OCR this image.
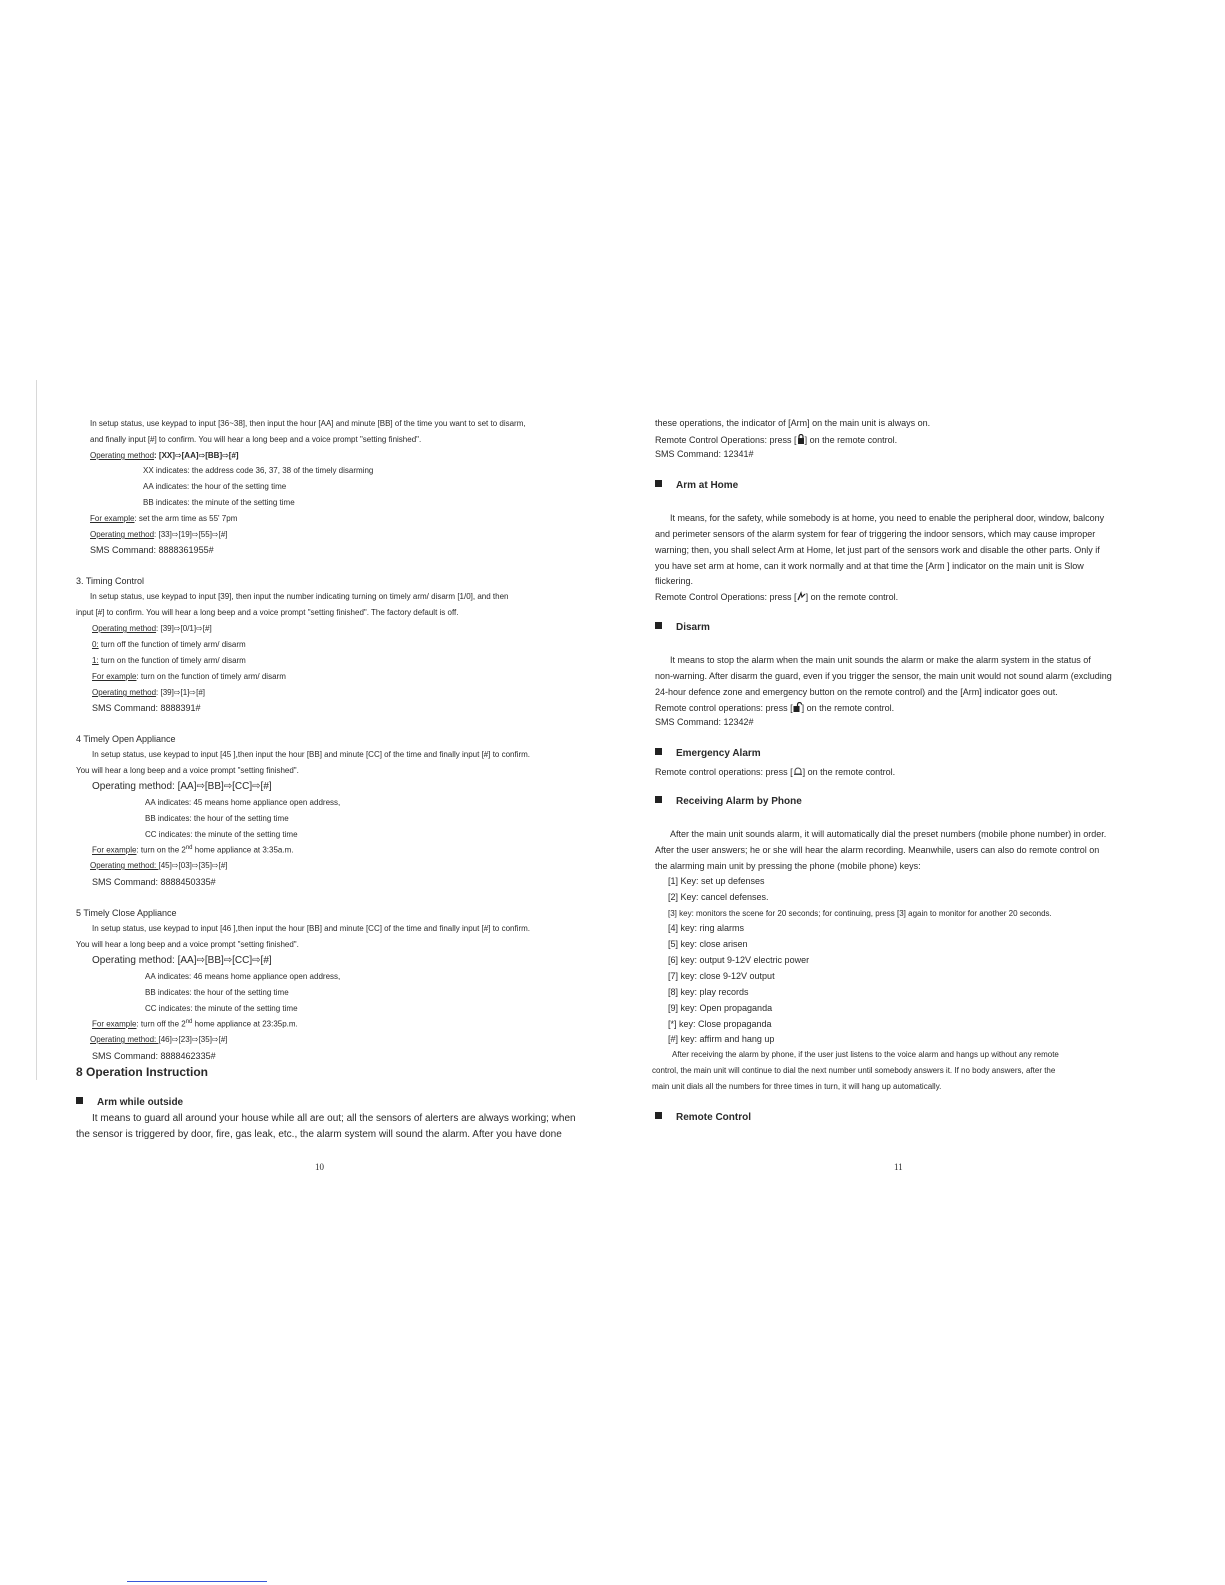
In setup status, use keypad to input [36~38], then input the hour [AA] and minute [BB] of the time you want to set to disarm,
and finally input [#] to confirm. You will hear a long beep and a voice prompt "setting finished".
Operating method: [XX]⇨[AA]⇨[BB]⇨[#]
XX indicates: the address code 36, 37, 38 of the timely disarming
AA indicates: the hour of the setting time
BB indicates: the minute of the setting time
For example: set the arm time as 55' 7pm
Operating method: [33]⇨[19]⇨[55]⇨[#]
SMS Command: 8888361955#
3. Timing Control
In setup status, use keypad to input [39], then input the number indicating turning on timely arm/ disarm [1/0], and then
input [#] to confirm. You will hear a long beep and a voice prompt "setting finished". The factory default is off.
Operating method: [39]⇨[0/1]⇨[#]
0: turn off the function of timely arm/ disarm
1: turn on the function of timely arm/ disarm
For example: turn on the function of timely arm/ disarm
Operating method: [39]⇨[1]⇨[#]
SMS Command: 8888391#
4 Timely Open Appliance
In setup status, use keypad to input [45 ],then input the hour [BB] and minute [CC] of the time and finally input [#] to confirm.
You will hear a long beep and a voice prompt "setting finished".
Operating method: [AA]⇨[BB]⇨[CC]⇨[#]
AA indicates: 45 means home appliance open address,
BB indicates: the hour of the setting time
CC indicates: the minute of the setting time
For example: turn on the 2nd home appliance at 3:35a.m.
Operating method: [45]⇨[03]⇨[35]⇨[#]
SMS Command: 8888450335#
5 Timely Close Appliance
In setup status, use keypad to input [46 ],then input the hour [BB] and minute [CC] of the time and finally input [#] to confirm.
You will hear a long beep and a voice prompt "setting finished".
Operating method: [AA]⇨[BB]⇨[CC]⇨[#]
AA indicates: 46 means home appliance open address,
BB indicates: the hour of the setting time
CC indicates: the minute of the setting time
For example: turn off the 2nd home appliance at 23:35p.m.
Operating method: [46]⇨[23]⇨[35]⇨[#]
SMS Command: 8888462335#
8 Operation Instruction
Arm while outside
It means to guard all around your house while all are out; all the sensors of alerters are always working; when
the sensor is triggered by door, fire, gas leak, etc., the alarm system will sound the alarm. After you have done
10
these operations, the indicator of [Arm] on the main unit is always on.
Remote Control Operations: press [ ] on the remote control.
SMS Command: 12341#
Arm at Home
It means, for the safety, while somebody is at home, you need to enable the peripheral door, window, balcony
and perimeter sensors of the alarm system for fear of triggering the indoor sensors, which may cause improper
warning; then, you shall select Arm at Home, let just part of the sensors work and disable the other parts. Only if
you have set arm at home, can it work normally and at that time the [Arm ] indicator on the main unit is Slow
flickering.
Remote Control Operations: press [ ] on the remote control.
Disarm
It means to stop the alarm when the main unit sounds the alarm or make the alarm system in the status of
non-warning. After disarm the guard, even if you trigger the sensor, the main unit would not sound alarm (excluding
24-hour defence zone and emergency button on the remote control) and the [Arm] indicator goes out.
Remote control operations: press [ ] on the remote control.
SMS Command: 12342#
Emergency Alarm
Remote control operations: press [ ] on the remote control.
Receiving Alarm by Phone
After the main unit sounds alarm, it will automatically dial the preset numbers (mobile phone number) in order.
After the user answers; he or she will hear the alarm recording. Meanwhile, users can also do remote control on
the alarming main unit by pressing the phone (mobile phone) keys:
[1] Key: set up defenses
[2] Key: cancel defenses.
[3] key: monitors the scene for 20 seconds; for continuing, press [3] again to monitor for another 20 seconds.
[4] key: ring alarms
[5] key: close arisen
[6] key: output 9-12V electric power
[7] key: close 9-12V output
[8] key: play records
[9] key: Open propaganda
[*] key: Close propaganda
[#] key: affirm and hang up
After receiving the alarm by phone, if the user just listens to the voice alarm and hangs up without any remote
control, the main unit will continue to dial the next number until somebody answers it. If no body answers, after the
main unit dials all the numbers for three times in turn, it will hang up automatically.
Remote Control
11
